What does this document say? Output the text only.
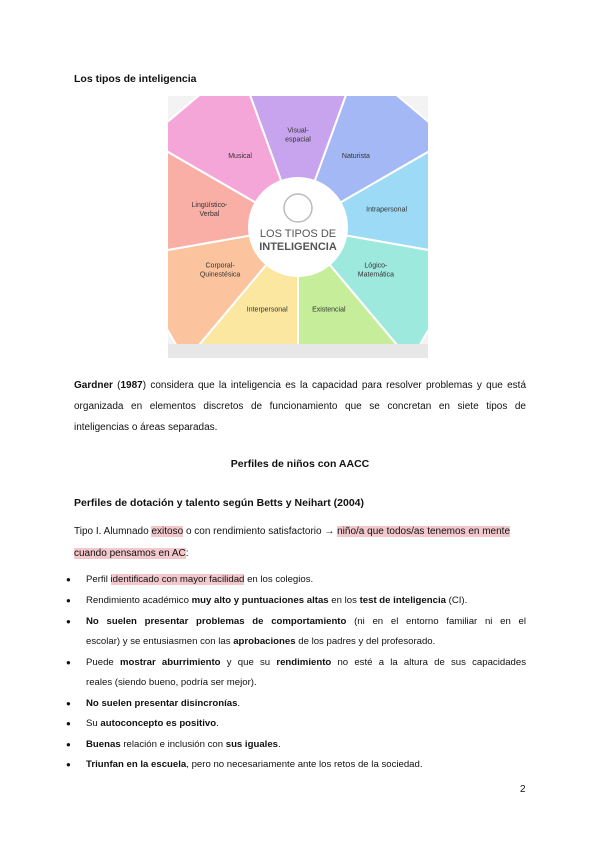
Los tipos de inteligencia
LOS TIPOS DE
INTELIGENCIA
Visual-
espacial
Naturista
Intrapersonal
Lógico-
Matemática
Existencial
Interpersonal
Corporal-
Quinestésica
Lingüístico-
Verbal
Musical
Gardner (1987) considera que la inteligencia es la capacidad para resolver problemas y que está
organizada en elementos discretos de funcionamiento que se concretan en siete tipos de
inteligencias o áreas separadas.
Perfiles de niños con AACC
Perfiles de dotación y talento según Betts y Neihart (2004)
Tipo I. Alumnado exitoso o con rendimiento satisfactorio → niño/a que todos/as tenemos en mente
cuando pensamos en AC:
● Perfil identificado con mayor facilidad en los colegios.
● Rendimiento académico muy alto y puntuaciones altas en los test de inteligencia (CI).
● No suelen presentar problemas de comportamiento (ni en el entorno familiar ni en el
escolar) y se entusiasmen con las aprobaciones de los padres y del profesorado.
● Puede mostrar aburrimiento y que su rendimiento no esté a la altura de sus capacidades
reales (siendo bueno, podría ser mejor).
● No suelen presentar disincronías.
● Su autoconcepto es positivo.
● Buenas relación e inclusión con sus iguales.
● Triunfan en la escuela, pero no necesariamente ante los retos de la sociedad.
2
